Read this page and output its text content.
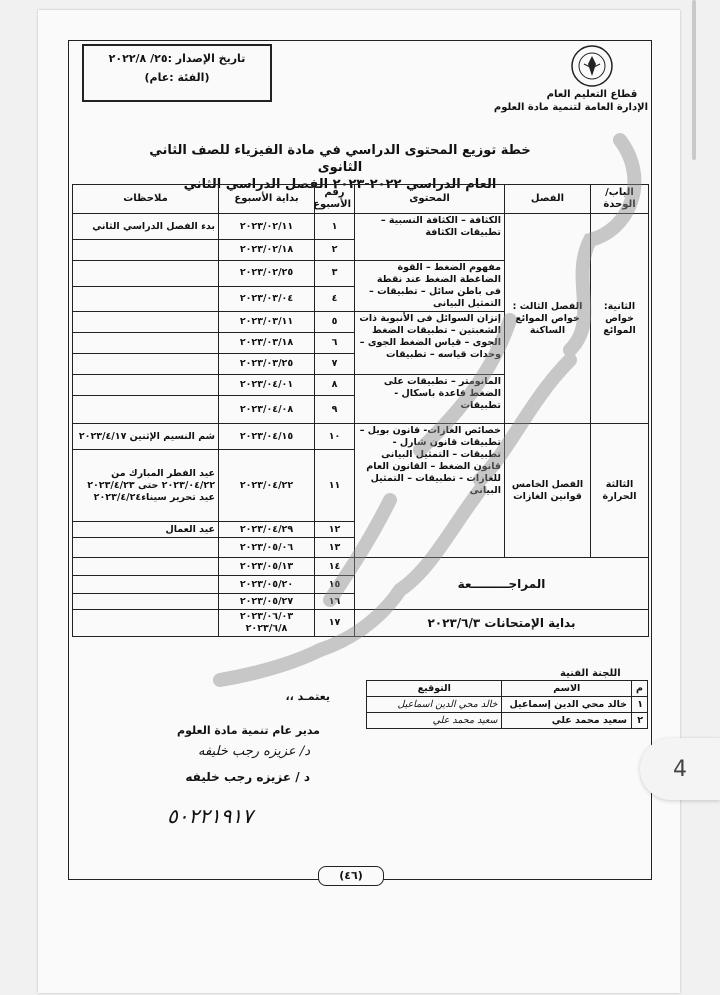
تاريخ الإصدار :٢٥/ ٢٠٢٢/٨
(الفئة :عام)
قطاع التعليم العام
الإدارة العامة لتنمية مادة العلوم
خطة توزيع المحتوى الدراسي في مادة الفيزياء للصف الثاني الثانوى
العام الدراسي ٢٠٢٢-٢٠٢٣ الفصل الدراسي الثاني
الباب/الوحدة	الفصل	المحتوى	رقم الأسبوع	بداية الأسبوع	ملاحظات
الثانية: خواص الموائع	الفصل الثالث : خواص الموائع الساكنة	الكثافة – الكثافة النسبية – تطبيقات الكثافة	١	٢٠٢٣/٠٢/١١	بدء الفصل الدراسي الثاني
			٢	٢٠٢٣/٠٢/١٨	
		مفهوم الضغط – القوة الضاغطة الضغط عند نقطة فى باطن سائل – تطبيقات – التمثيل البيانى	٣	٢٠٢٣/٠٢/٢٥	
			٤	٢٠٢٣/٠٣/٠٤	
		إتزان السوائل فى الأنبوبة ذات الشعبتين – تطبيقات الضغط الجوى – قياس الضغط الجوى – وحدات قياسه – تطبيقات	٥	٢٠٢٣/٠٣/١١	
			٦	٢٠٢٣/٠٣/١٨	
			٧	٢٠٢٣/٠٣/٢٥	
		المانومتر – تطبيقات على الضغط قاعدة باسكال - تطبيقات	٨	٢٠٢٣/٠٤/٠١	
			٩	٢٠٢٣/٠٤/٠٨	
الثالثة الحرارة	الفصل الخامس قوانين الغازات	خصائص الغازات- قانون بويل – تطبيقات قانون شارل - تطبيقات – التمثيل البيانى قانون الضغط – القانون العام للغازات - تطبيقات – التمثيل البيانى	١٠	٢٠٢٣/٠٤/١٥	شم النسيم الإثنين ٢٠٢٣/٤/١٧
			١١	٢٠٢٣/٠٤/٢٢	عيد الفطر المبارك من ٢٠٢٣/٠٤/٢٢ حتى ٢٠٢٣/٤/٢٣ عيد تحرير سيناء٢٠٢٣/٤/٢٤
			١٢	٢٠٢٣/٠٤/٢٩	عيد العمال
			١٣	٢٠٢٣/٠٥/٠٦	
المراجـــــــــعة			١٤	٢٠٢٣/٠٥/١٣	
			١٥	٢٠٢٣/٠٥/٢٠	
			١٦	٢٠٢٣/٠٥/٢٧	
بداية الإمتحانات ٢٠٢٣/٦/٣			١٧	٢٠٢٣/٠٦/٠٣ ٢٠٢٣/٦/٨	
اللجنة الفنية
م	الاسم	التوقيع
١	خالد محي الدين إسماعيل	خالد محي الدين اسماعيل
٢	سعيد محمد علي	سعيد محمد علي
يعتمـد ،،
مدير عام تنمية مادة العلوم
د/ عزيزه رجب خليفه
د / عزيزه رجب خليفه
٥٠٢٢١٩١٧
(٤٦)
4
